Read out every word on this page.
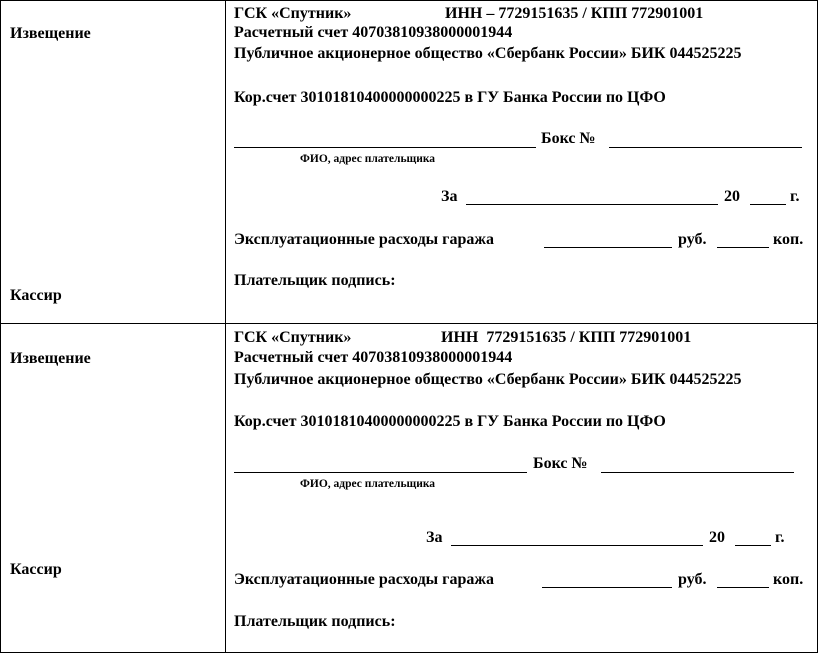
Извещение
Кассир
ГСК «Спутник»	ИНН – 7729151635 / КПП 772901001
Расчетный счет 40703810938000001944
Публичное акционерное общество «Сбербанк России» БИК 044525225
Кор.счет 30101810400000000225 в ГУ Банка России по ЦФО
Бокс №
ФИО, адрес плательщика
За	20	г.
Эксплуатационные расходы гаража	руб.	коп.
Плательщик подпись:
Извещение
Кассир
ГСК «Спутник»	ИНН  7729151635 / КПП 772901001
Расчетный счет 40703810938000001944
Публичное акционерное общество «Сбербанк России» БИК 044525225
Кор.счет 30101810400000000225 в ГУ Банка России по ЦФО
Бокс №
ФИО, адрес плательщика
За	20	г.
Эксплуатационные расходы гаража	руб.	коп.
Плательщик подпись:
